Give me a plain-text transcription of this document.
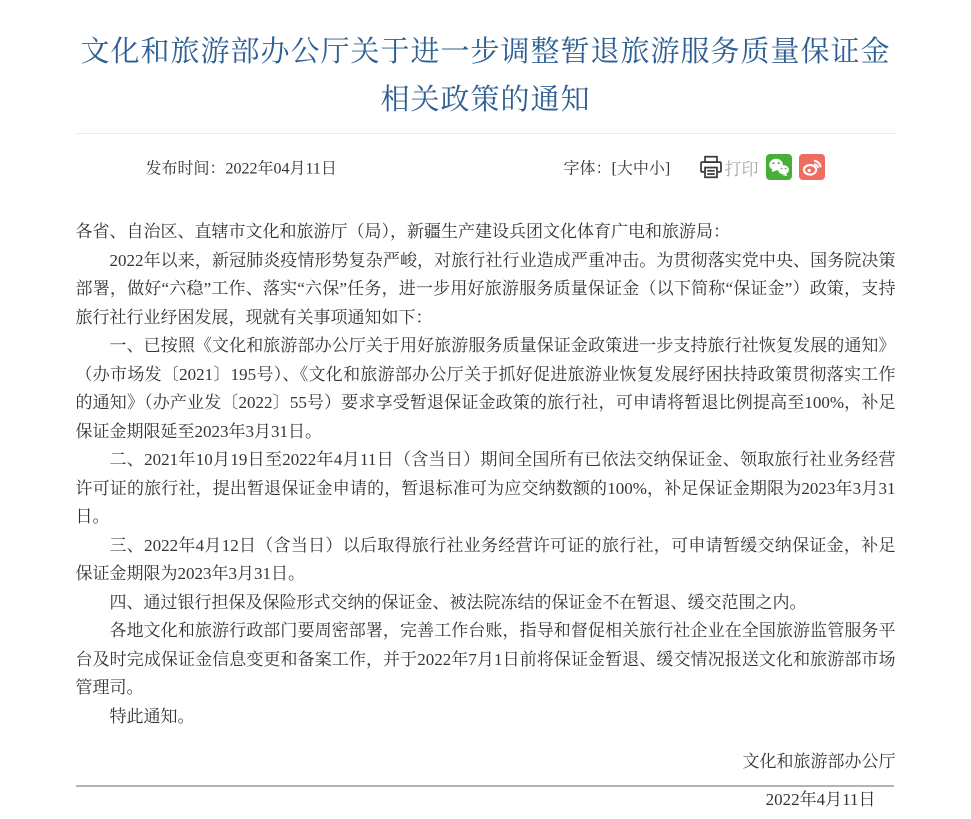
文化和旅游部办公厅关于进一步调整暂退旅游服务质量保证金
相关政策的通知
发布时间：2022年04月11日	字体：[大中小]	打印

各省、自治区、直辖市文化和旅游厅（局），新疆生产建设兵团文化体育广电和旅游局：

2022年以来，新冠肺炎疫情形势复杂严峻，对旅行社行业造成严重冲击。为贯彻落实党中央、国务院决策部署，做好“六稳”工作、落实“六保”任务，进一步用好旅游服务质量保证金（以下简称“保证金”）政策，支持旅行社行业纾困发展，现就有关事项通知如下：

一、已按照《文化和旅游部办公厅关于用好旅游服务质量保证金政策进一步支持旅行社恢复发展的通知》（办市场发〔2021〕195号）、《文化和旅游部办公厅关于抓好促进旅游业恢复发展纾困扶持政策贯彻落实工作的通知》（办产业发〔2022〕55号）要求享受暂退保证金政策的旅行社，可申请将暂退比例提高至100%，补足保证金期限延至2023年3月31日。

二、2021年10月19日至2022年4月11日（含当日）期间全国所有已依法交纳保证金、领取旅行社业务经营许可证的旅行社，提出暂退保证金申请的，暂退标准可为应交纳数额的100%，补足保证金期限为2023年3月31日。

三、2022年4月12日（含当日）以后取得旅行社业务经营许可证的旅行社，可申请暂缓交纳保证金，补足保证金期限为2023年3月31日。

四、通过银行担保及保险形式交纳的保证金、被法院冻结的保证金不在暂退、缓交范围之内。

各地文化和旅游行政部门要周密部署，完善工作台账，指导和督促相关旅行社企业在全国旅游监管服务平台及时完成保证金信息变更和备案工作，并于2022年7月1日前将保证金暂退、缓交情况报送文化和旅游部市场管理司。

特此通知。

文化和旅游部办公厅

2022年4月11日
